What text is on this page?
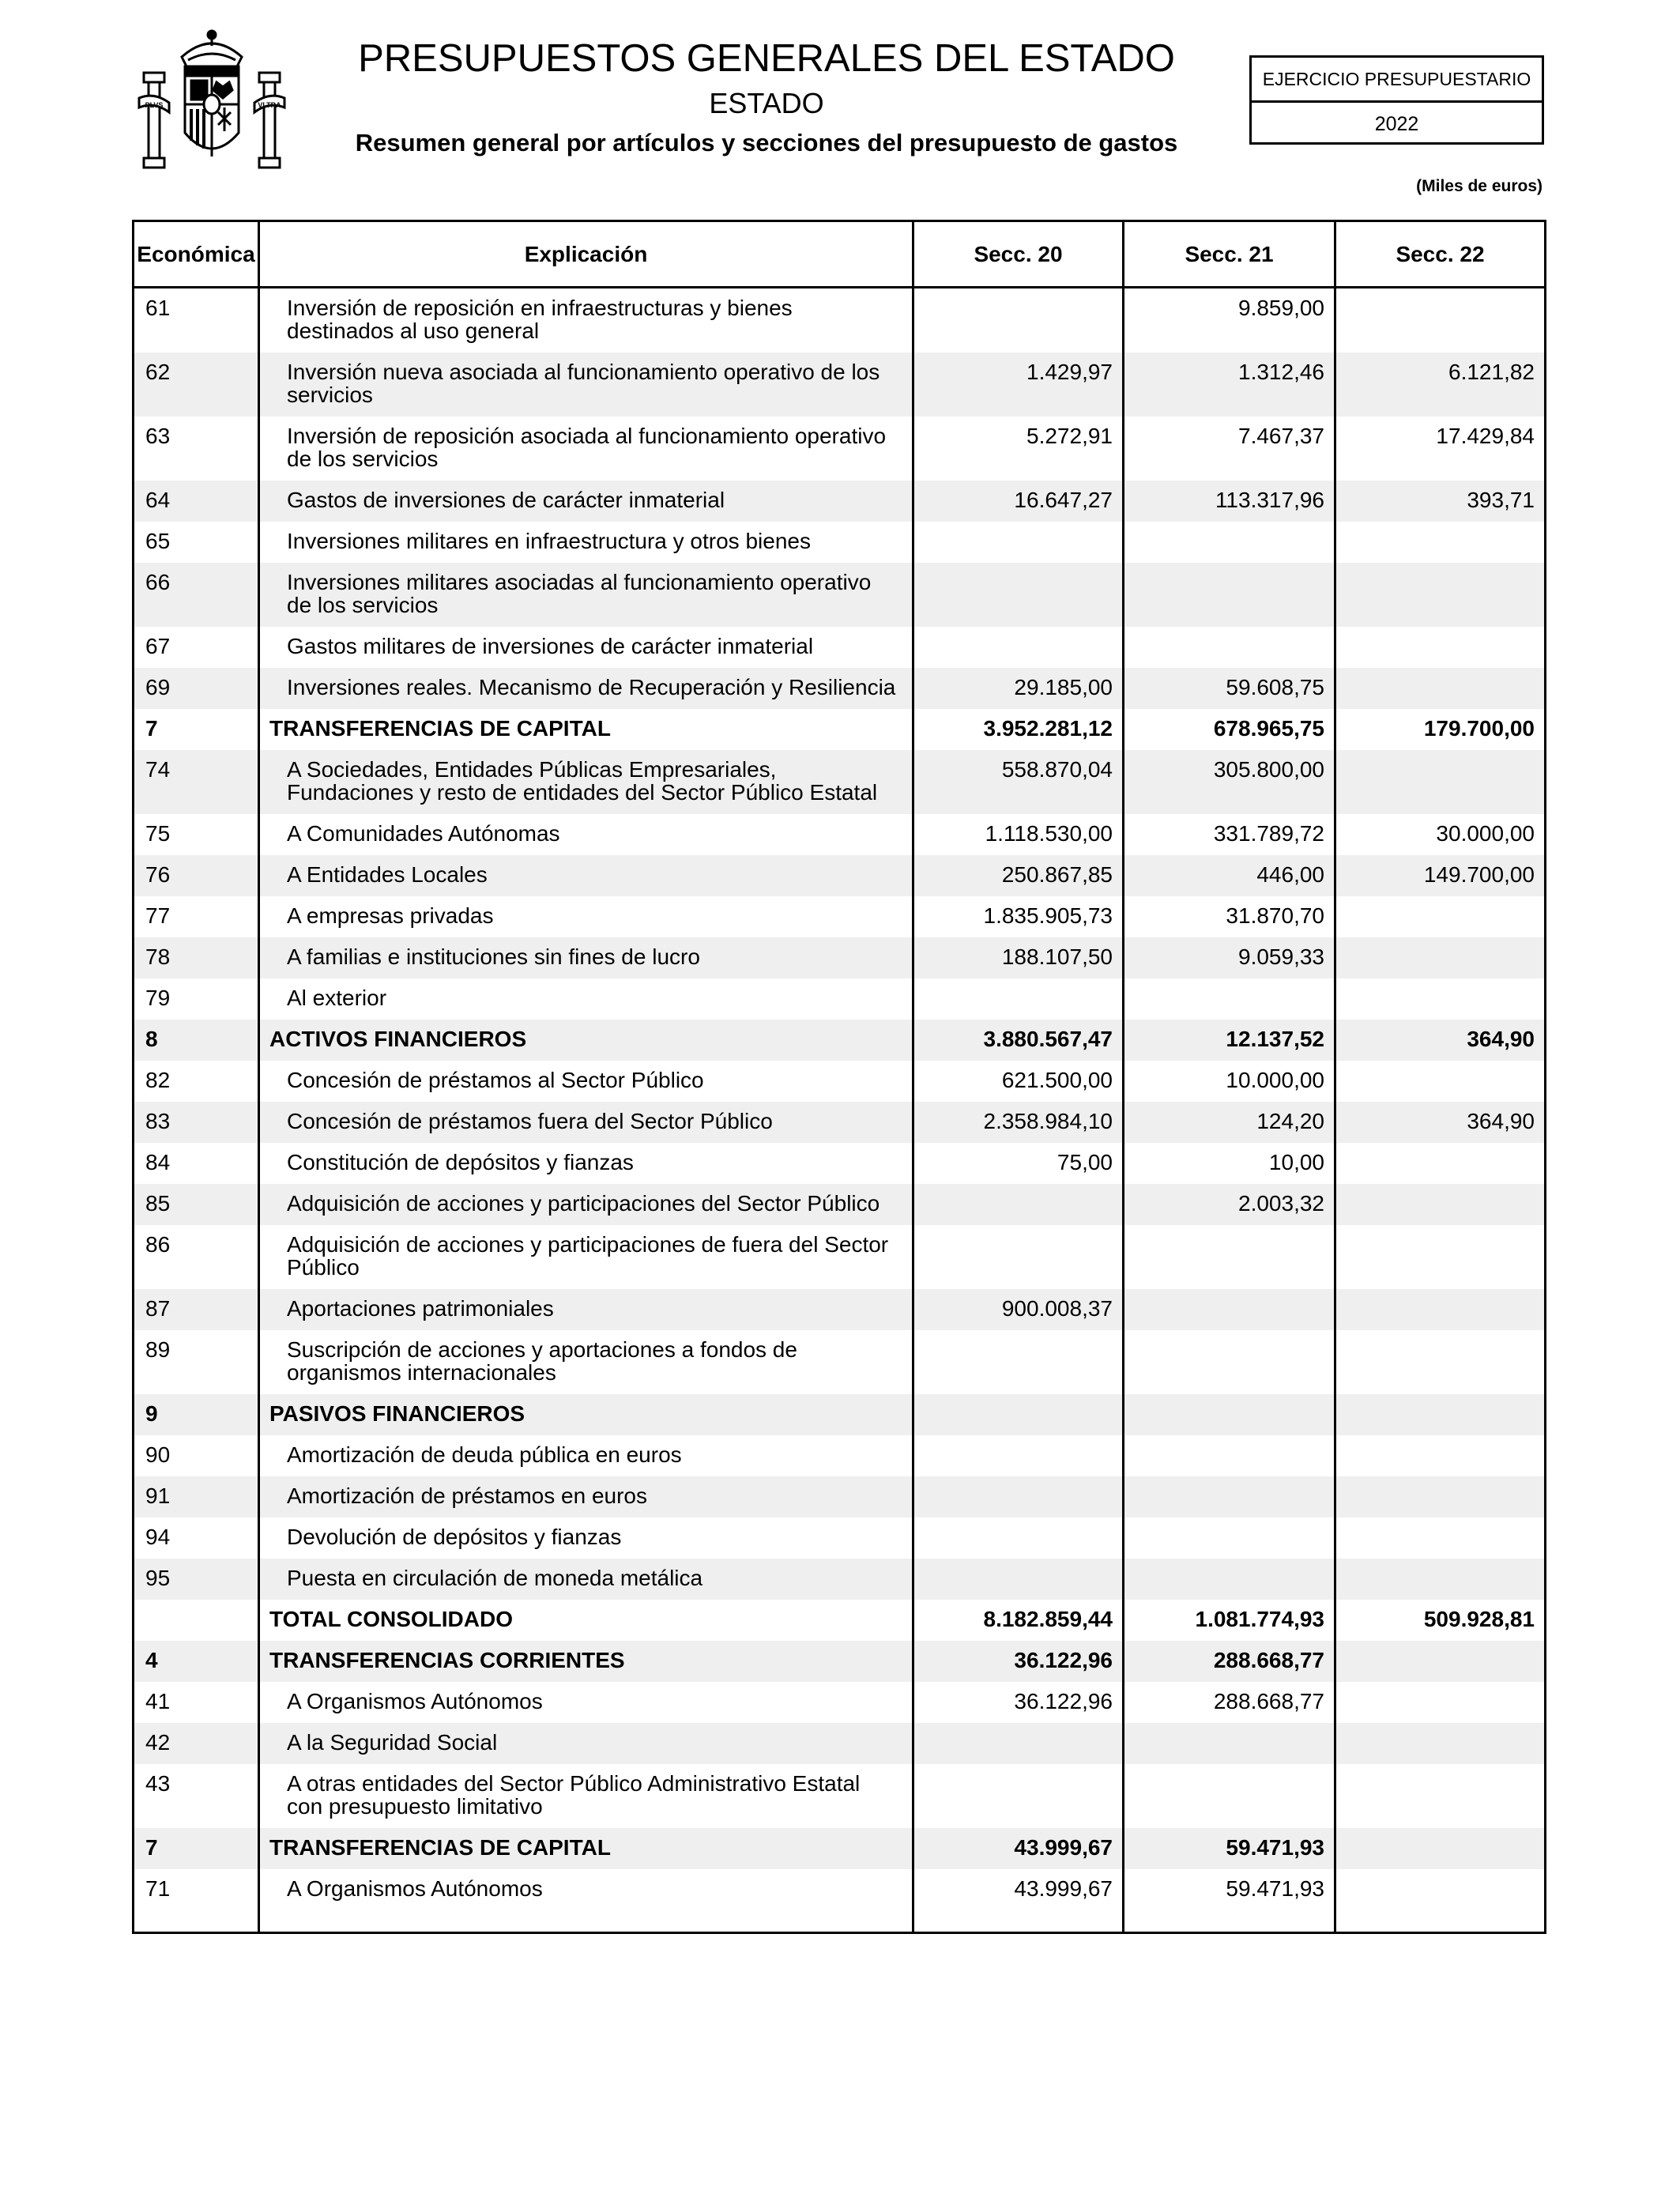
PLVS	VLTRA
PRESUPUESTOS GENERALES DEL ESTADO
ESTADO
Resumen general por artículos y secciones del presupuesto de gastos
EJERCICIO PRESUPUESTARIO
2022
(Miles de euros)
Económica	Explicación	Secc. 20	Secc. 21	Secc. 22
61	Inversión de reposición en infraestructuras y bienes destinados al uso general		9.859,00	
62	Inversión nueva asociada al funcionamiento operativo de los servicios	1.429,97	1.312,46	6.121,82
63	Inversión de reposición asociada al funcionamiento operativo de los servicios	5.272,91	7.467,37	17.429,84
64	Gastos de inversiones de carácter inmaterial	16.647,27	113.317,96	393,71
65	Inversiones militares en infraestructura y otros bienes			
66	Inversiones militares asociadas al funcionamiento operativo de los servicios			
67	Gastos militares de inversiones de carácter inmaterial			
69	Inversiones reales. Mecanismo de Recuperación y Resiliencia	29.185,00	59.608,75	
7	TRANSFERENCIAS DE CAPITAL	3.952.281,12	678.965,75	179.700,00
74	A Sociedades, Entidades Públicas Empresariales, Fundaciones y resto de entidades del Sector Público Estatal	558.870,04	305.800,00	
75	A Comunidades Autónomas	1.118.530,00	331.789,72	30.000,00
76	A Entidades Locales	250.867,85	446,00	149.700,00
77	A empresas privadas	1.835.905,73	31.870,70	
78	A familias e instituciones sin fines de lucro	188.107,50	9.059,33	
79	Al exterior			
8	ACTIVOS FINANCIEROS	3.880.567,47	12.137,52	364,90
82	Concesión de préstamos al Sector Público	621.500,00	10.000,00	
83	Concesión de préstamos fuera del Sector Público	2.358.984,10	124,20	364,90
84	Constitución de depósitos y fianzas	75,00	10,00	
85	Adquisición de acciones y participaciones del Sector Público		2.003,32	
86	Adquisición de acciones y participaciones de fuera del Sector Público			
87	Aportaciones patrimoniales	900.008,37		
89	Suscripción de acciones y aportaciones a fondos de organismos internacionales			
9	PASIVOS FINANCIEROS			
90	Amortización de deuda pública en euros			
91	Amortización de préstamos en euros			
94	Devolución de depósitos y fianzas			
95	Puesta en circulación de moneda metálica			
	TOTAL CONSOLIDADO	8.182.859,44	1.081.774,93	509.928,81
4	TRANSFERENCIAS CORRIENTES	36.122,96	288.668,77	
41	A Organismos Autónomos	36.122,96	288.668,77	
42	A la Seguridad Social			
43	A otras entidades del Sector Público Administrativo Estatal con presupuesto limitativo			
7	TRANSFERENCIAS DE CAPITAL	43.999,67	59.471,93	
71	A Organismos Autónomos	43.999,67	59.471,93	
